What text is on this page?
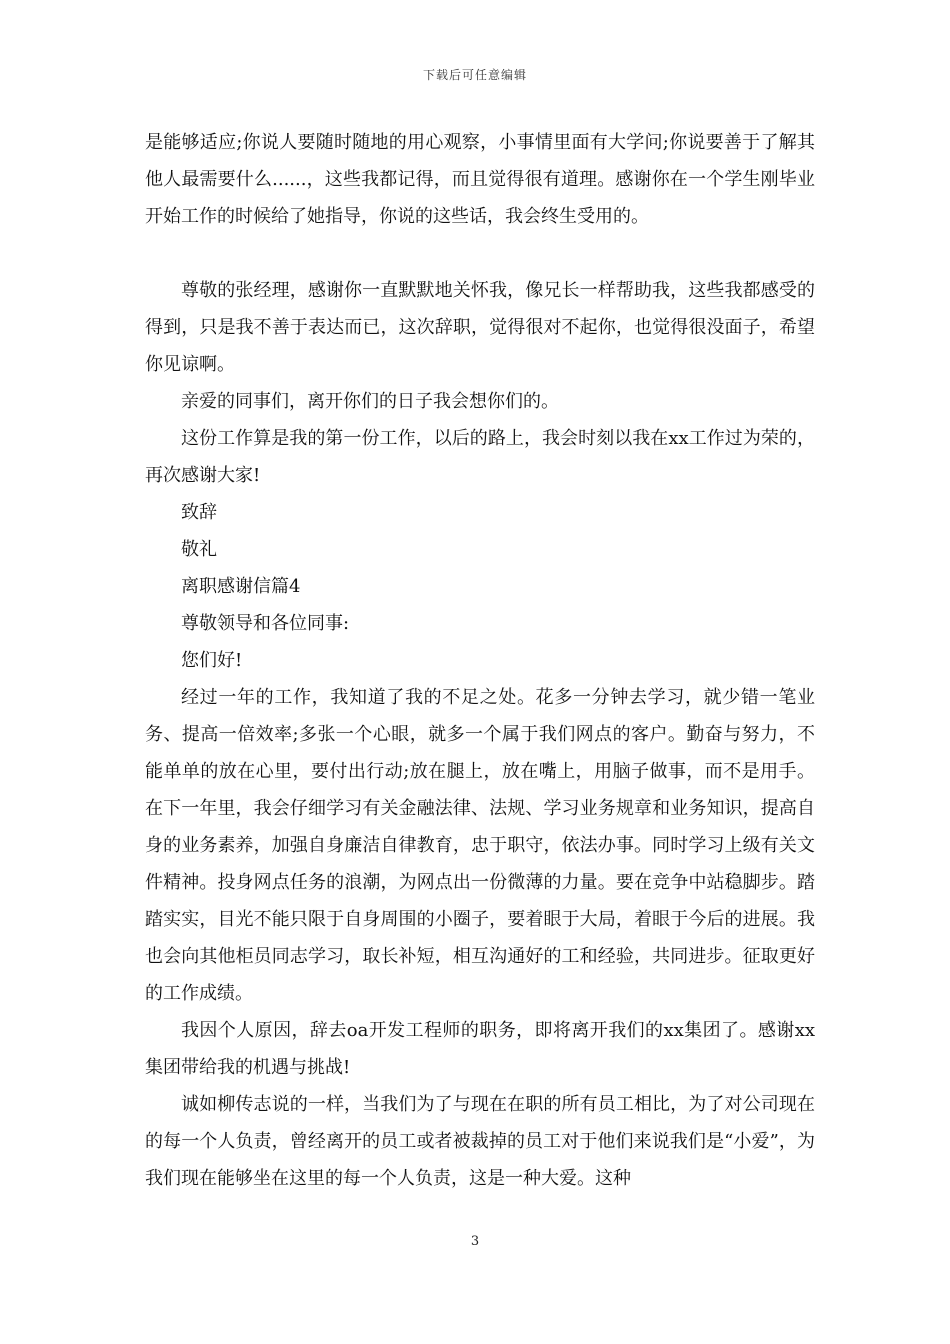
下载后可任意编辑

是能够适应;你说人要随时随地的用心观察，小事情里面有大学问;你说要善于了解其他人最需要什么......，这些我都记得，而且觉得很有道理。感谢你在一个学生刚毕业开始工作的时候给了她指导，你说的这些话，我会终生受用的。

尊敬的张经理，感谢你一直默默地关怀我，像兄长一样帮助我，这些我都感受的得到，只是我不善于表达而已，这次辞职，觉得很对不起你，也觉得很没面子，希望你见谅啊。

亲爱的同事们，离开你们的日子我会想你们的。

这份工作算是我的第一份工作，以后的路上，我会时刻以我在xx工作过为荣的，再次感谢大家!

致辞

敬礼

离职感谢信篇4

尊敬领导和各位同事:

您们好!

经过一年的工作，我知道了我的不足之处。花多一分钟去学习，就少错一笔业务、提高一倍效率;多张一个心眼，就多一个属于我们网点的客户。勤奋与努力，不能单单的放在心里，要付出行动;放在腿上，放在嘴上，用脑子做事，而不是用手。在下一年里，我会仔细学习有关金融法律、法规、学习业务规章和业务知识，提高自身的业务素养，加强自身廉洁自律教育，忠于职守，依法办事。同时学习上级有关文件精神。投身网点任务的浪潮，为网点出一份微薄的力量。要在竞争中站稳脚步。踏踏实实，目光不能只限于自身周围的小圈子，要着眼于大局，着眼于今后的进展。我也会向其他柜员同志学习，取长补短，相互沟通好的工和经验，共同进步。征取更好的工作成绩。

我因个人原因，辞去oa开发工程师的职务，即将离开我们的xx集团了。感谢xx集团带给我的机遇与挑战!

诚如柳传志说的一样，当我们为了与现在在职的所有员工相比，为了对公司现在的每一个人负责，曾经离开的员工或者被裁掉的员工对于他们来说我们是“小爱”，为我们现在能够坐在这里的每一个人负责，这是一种大爱。这种

3
